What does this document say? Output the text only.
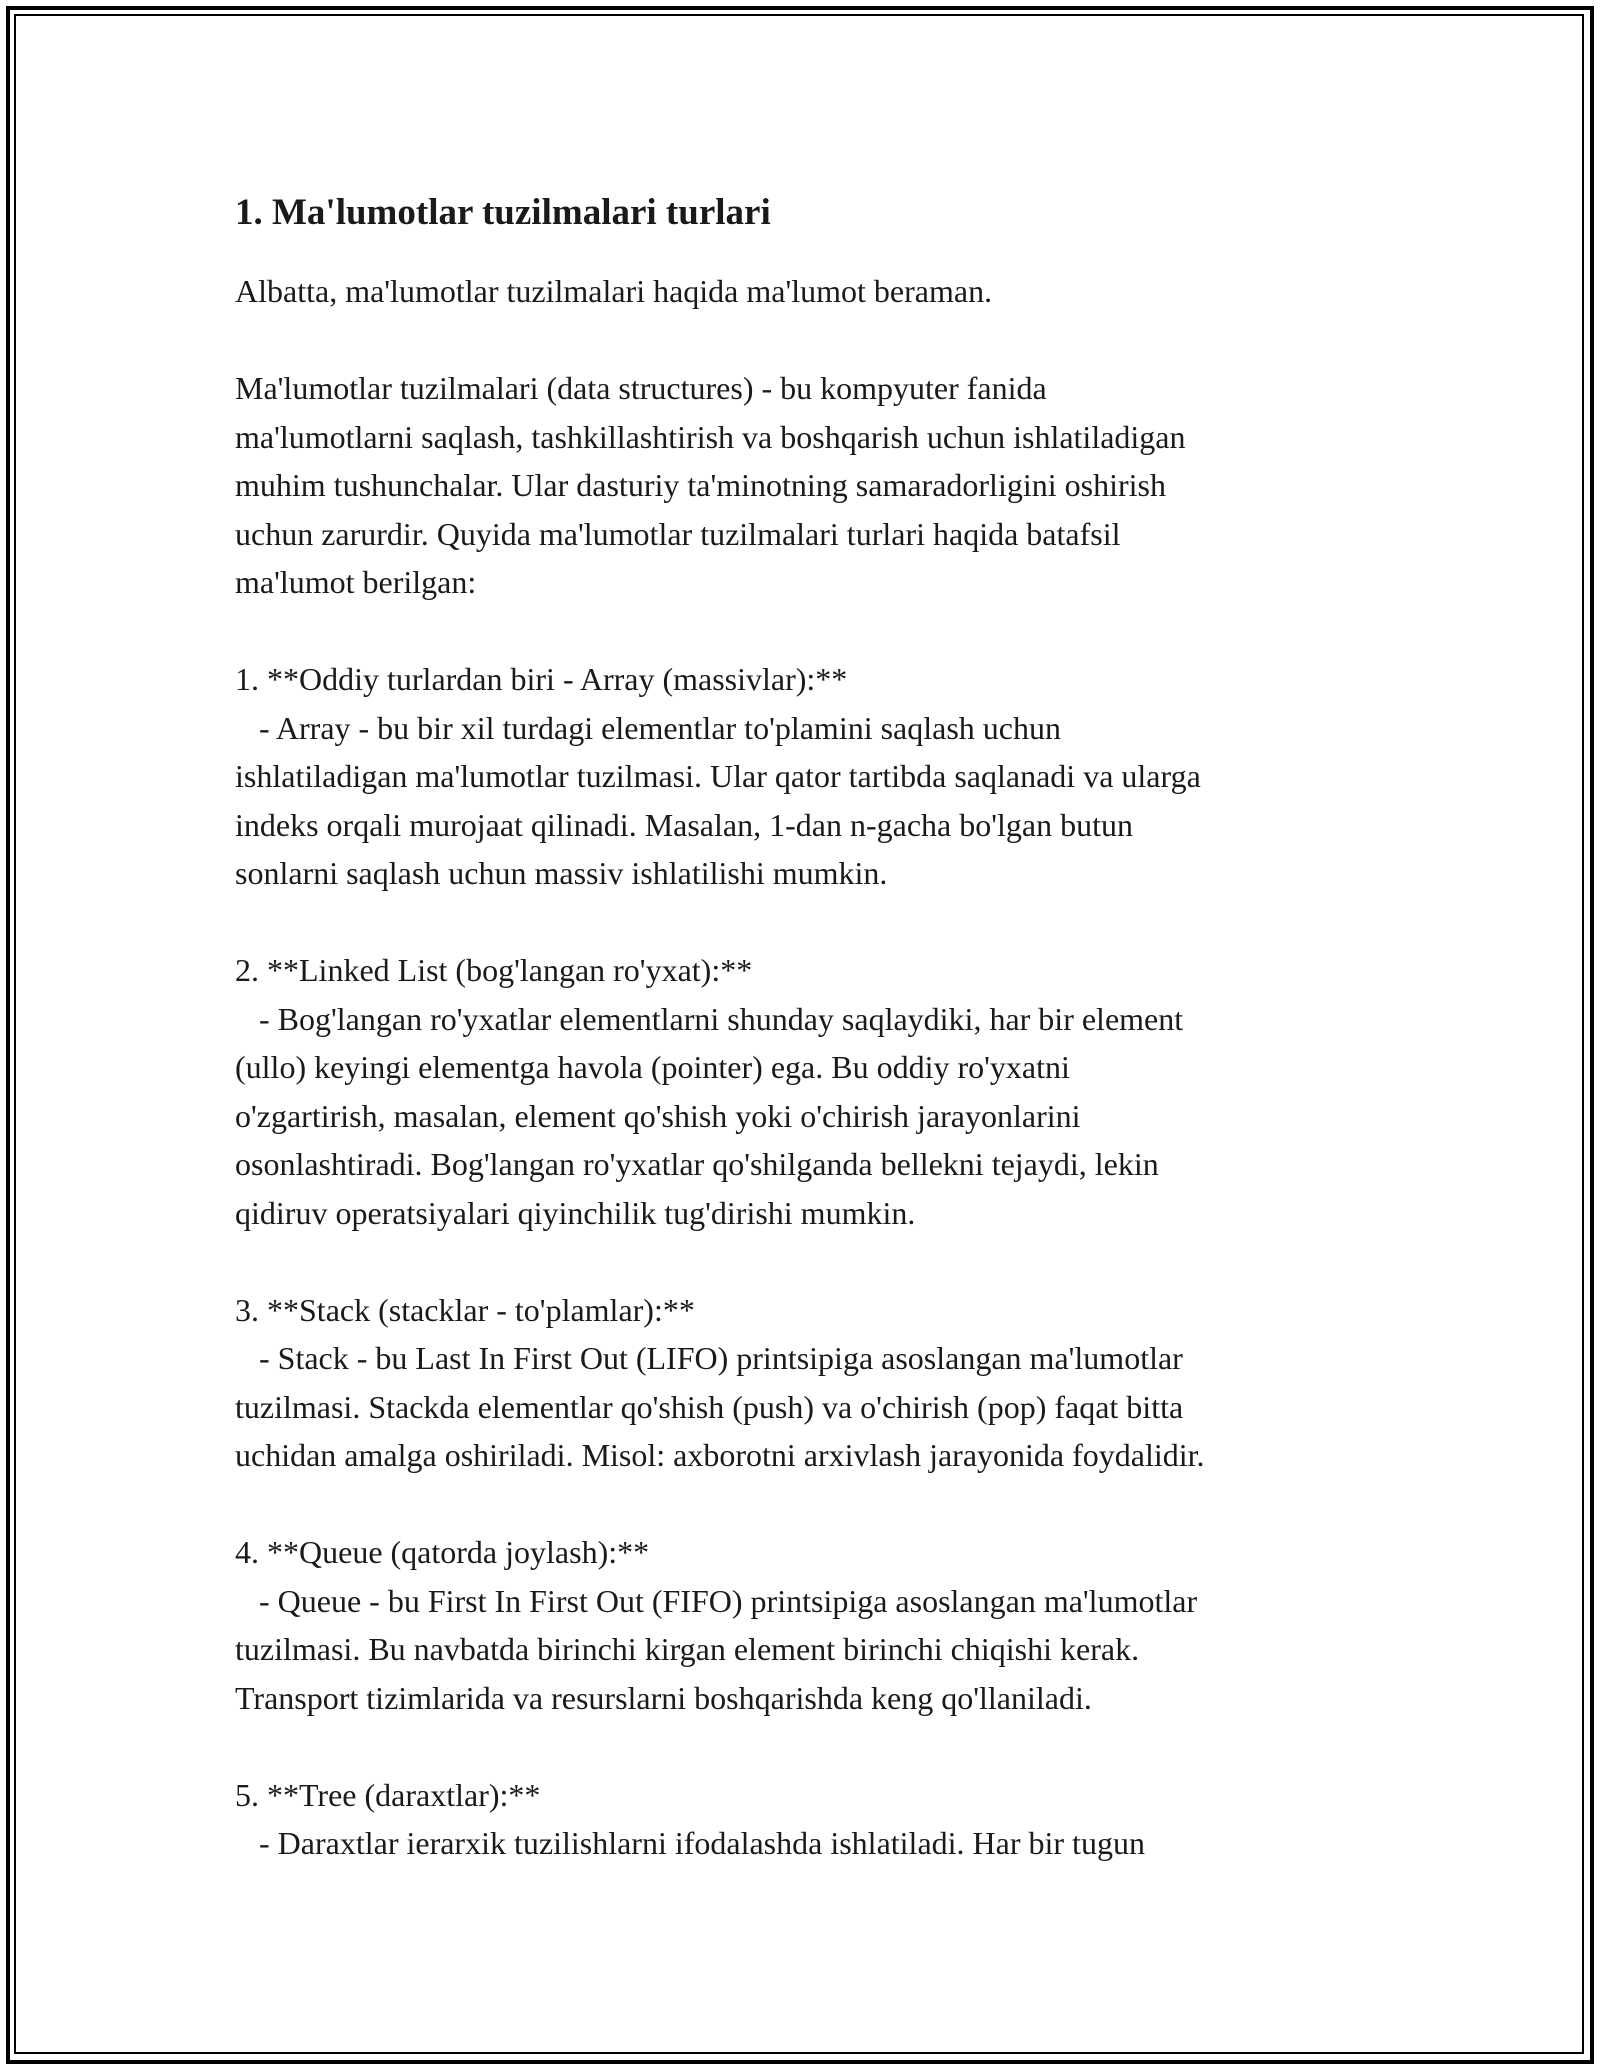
1. Ma'lumotlar tuzilmalari turlari
Albatta, ma'lumotlar tuzilmalari haqida ma'lumot beraman.
Ma'lumotlar tuzilmalari (data structures) - bu kompyuter fanida
ma'lumotlarni saqlash, tashkillashtirish va boshqarish uchun ishlatiladigan
muhim tushunchalar. Ular dasturiy ta'minotning samaradorligini oshirish
uchun zarurdir. Quyida ma'lumotlar tuzilmalari turlari haqida batafsil
ma'lumot berilgan:
1. **Oddiy turlardan biri - Array (massivlar):**
- Array - bu bir xil turdagi elementlar to'plamini saqlash uchun
ishlatiladigan ma'lumotlar tuzilmasi. Ular qator tartibda saqlanadi va ularga
indeks orqali murojaat qilinadi. Masalan, 1-dan n-gacha bo'lgan butun
sonlarni saqlash uchun massiv ishlatilishi mumkin.
2. **Linked List (bog'langan ro'yxat):**
- Bog'langan ro'yxatlar elementlarni shunday saqlaydiki, har bir element
(ullo) keyingi elementga havola (pointer) ega. Bu oddiy ro'yxatni
o'zgartirish, masalan, element qo'shish yoki o'chirish jarayonlarini
osonlashtiradi. Bog'langan ro'yxatlar qo'shilganda bellekni tejaydi, lekin
qidiruv operatsiyalari qiyinchilik tug'dirishi mumkin.
3. **Stack (stacklar - to'plamlar):**
- Stack - bu Last In First Out (LIFO) printsipiga asoslangan ma'lumotlar
tuzilmasi. Stackda elementlar qo'shish (push) va o'chirish (pop) faqat bitta
uchidan amalga oshiriladi. Misol: axborotni arxivlash jarayonida foydalidir.
4. **Queue (qatorda joylash):**
- Queue - bu First In First Out (FIFO) printsipiga asoslangan ma'lumotlar
tuzilmasi. Bu navbatda birinchi kirgan element birinchi chiqishi kerak.
Transport tizimlarida va resurslarni boshqarishda keng qo'llaniladi.
5. **Tree (daraxtlar):**
- Daraxtlar ierarxik tuzilishlarni ifodalashda ishlatiladi. Har bir tugun
